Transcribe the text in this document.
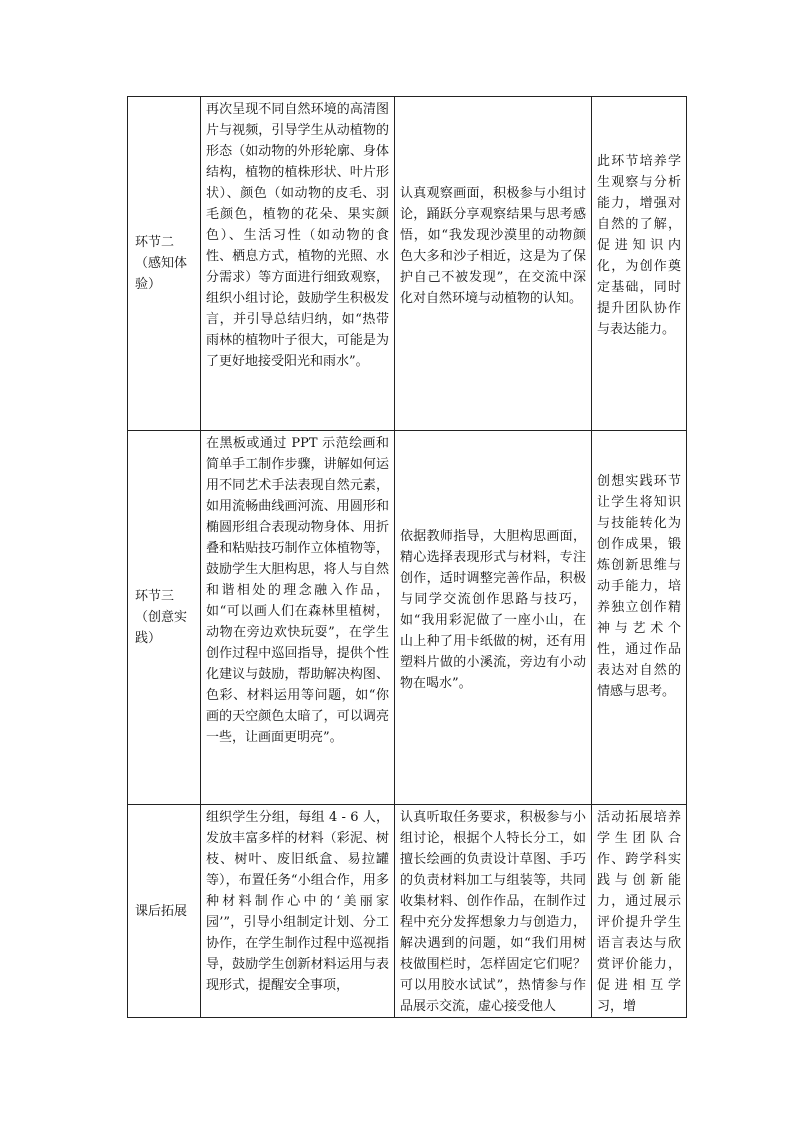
环节二（感知体验）	再次呈现不同自然环境的高清图片与视频，引导学生从动植物的形态（如动物的外形轮廓、身体结构，植物的植株形状、叶片形状）、颜色（如动物的皮毛、羽毛颜色，植物的花朵、果实颜色）、生活习性（如动物的食性、栖息方式，植物的光照、水分需求）等方面进行细致观察，组织小组讨论，鼓励学生积极发言，并引导总结归纳，如“热带雨林的植物叶子很大，可能是为了更好地接受阳光和雨水”。	认真观察画面，积极参与小组讨论，踊跃分享观察结果与思考感悟，如“我发现沙漠里的动物颜色大多和沙子相近，这是为了保护自己不被发现”，在交流中深化对自然环境与动植物的认知。	此环节培养学生观察与分析能力，增强对自然的了解，促进知识内化，为创作奠定基础，同时提升团队协作与表达能力。

环节三（创意实践）	在黑板或通过 PPT 示范绘画和简单手工制作步骤，讲解如何运用不同艺术手法表现自然元素，如用流畅曲线画河流、用圆形和椭圆形组合表现动物身体、用折叠和粘贴技巧制作立体植物等，鼓励学生大胆构思，将人与自然和谐相处的理念融入作品，如“可以画人们在森林里植树，动物在旁边欢快玩耍”，在学生创作过程中巡回指导，提供个性化建议与鼓励，帮助解决构图、色彩、材料运用等问题，如“你画的天空颜色太暗了，可以调亮一些，让画面更明亮”。	依据教师指导，大胆构思画面，精心选择表现形式与材料，专注创作，适时调整完善作品，积极与同学交流创作思路与技巧，如“我用彩泥做了一座小山，在山上种了用卡纸做的树，还有用塑料片做的小溪流，旁边有小动物在喝水”。	创想实践环节让学生将知识与技能转化为创作成果，锻炼创新思维与动手能力，培养独立创作精神与艺术个性，通过作品表达对自然的情感与思考。

课后拓展	组织学生分组，每组 4 - 6 人，发放丰富多样的材料（彩泥、树枝、树叶、废旧纸盒、易拉罐等），布置任务“小组合作，用多种材料制作心中的‘美丽家园’”，引导小组制定计划、分工协作，在学生制作过程中巡视指导，鼓励学生创新材料运用与表现形式，提醒安全事项，	认真听取任务要求，积极参与小组讨论，根据个人特长分工，如擅长绘画的负责设计草图、手巧的负责材料加工与组装等，共同收集材料、创作作品，在制作过程中充分发挥想象力与创造力，解决遇到的问题，如“我们用树枝做围栏时，怎样固定它们呢？可以用胶水试试”，热情参与作品展示交流，虚心接受他人	活动拓展培养学生团队合作、跨学科实践与创新能力，通过展示评价提升学生语言表达与欣赏评价能力，促进相互学习，增
